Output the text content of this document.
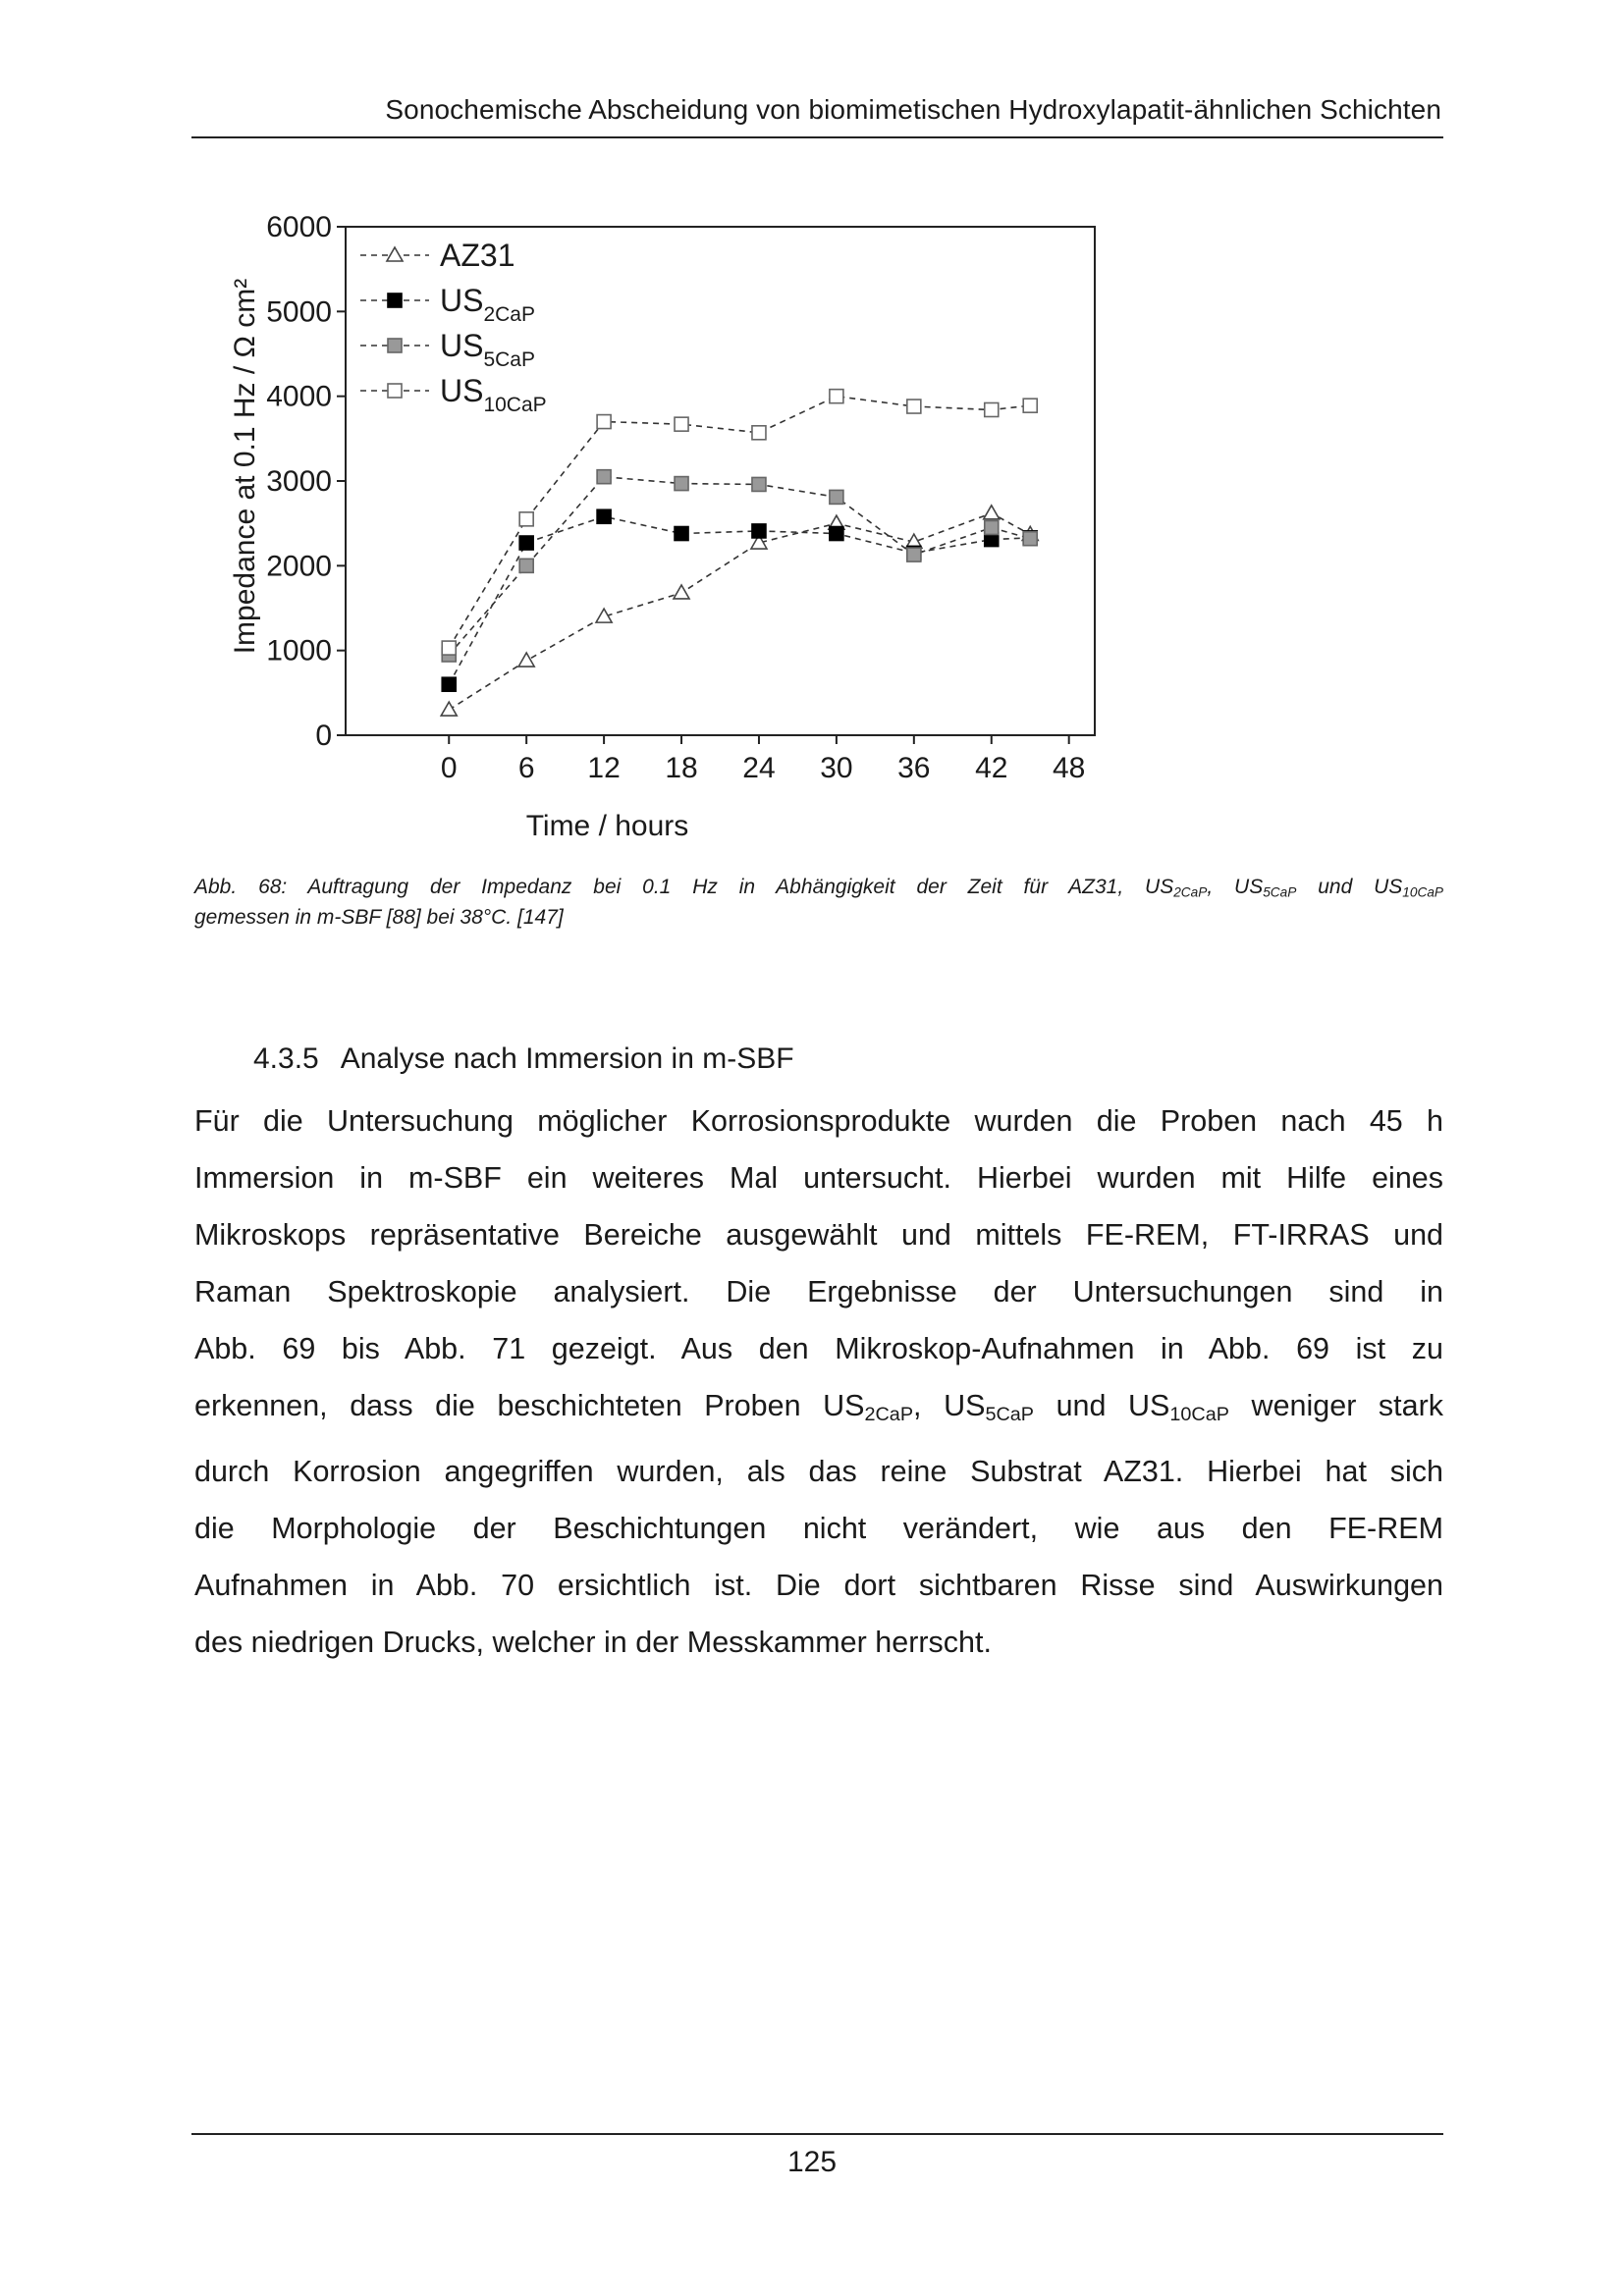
Sonochemische Abscheidung von biomimetischen Hydroxylapatit-ähnlichen Schichten
0
1000
2000
3000
4000
5000
6000
0 6 12 18 24 30 36 42 48
Time / hours
Impedance at 0.1 Hz / Ω cm²
AZ31
$US_{2CaP}$
$US_{5CaP}$
$US_{10CaP}$
Abb. 68: Auftragung der Impedanz bei 0.1 Hz in Abhängigkeit der Zeit für AZ31, $US_{2CaP}$, $US_{5CaP}$ und $US_{10CaP}$
gemessen in m-SBF [88] bei 38°C. [147]
4.3.5 Analyse nach Immersion in m-SBF
Für die Untersuchung möglicher Korrosionsprodukte wurden die Proben nach 45 h
Immersion in m-SBF ein weiteres Mal untersucht. Hierbei wurden mit Hilfe eines
Mikroskops repräsentative Bereiche ausgewählt und mittels FE-REM, FT-IRRAS und
Raman Spektroskopie analysiert. Die Ergebnisse der Untersuchungen sind in
Abb. 69 bis Abb. 71 gezeigt. Aus den Mikroskop-Aufnahmen in Abb. 69 ist zu
erkennen, dass die beschichteten Proben $US_{2CaP}$, $US_{5CaP}$ und $US_{10CaP}$ weniger stark
durch Korrosion angegriffen wurden, als das reine Substrat AZ31. Hierbei hat sich
die Morphologie der Beschichtungen nicht verändert, wie aus den FE-REM
Aufnahmen in Abb. 70 ersichtlich ist. Die dort sichtbaren Risse sind Auswirkungen
des niedrigen Drucks, welcher in der Messkammer herrscht.
125
